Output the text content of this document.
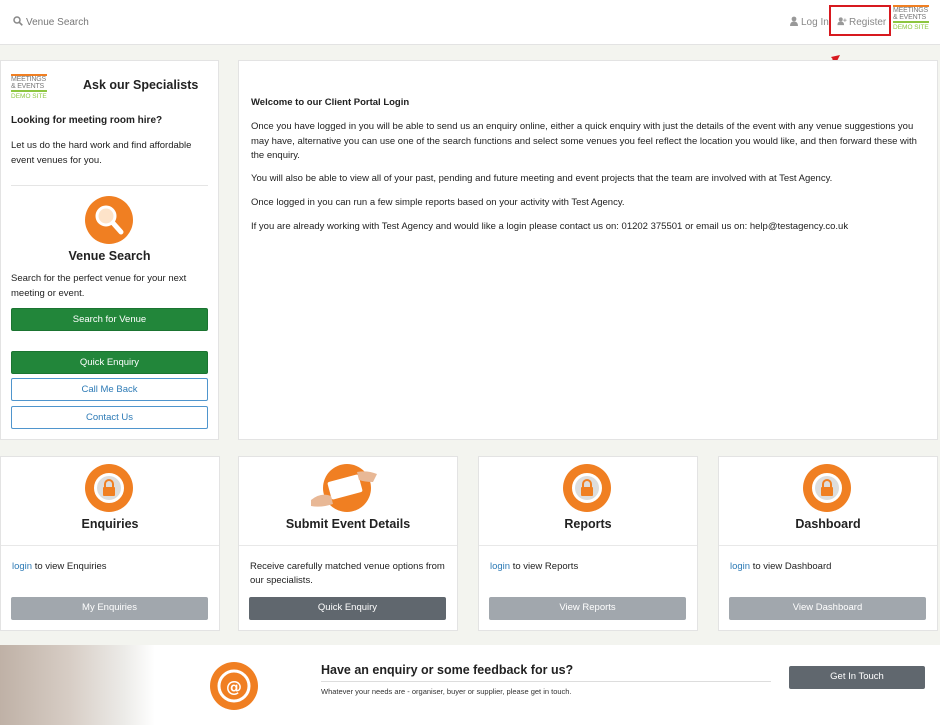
Venue Search	Log In	Register
MEETINGS
& EVENTS
DEMO SITE
MEETINGS
& EVENTS
DEMO SITE
Ask our Specialists
Looking for meeting room hire?
Let us do the hard work and find affordable event venues for you.
Venue Search
Search for the perfect venue for your next meeting or event.
Search for Venue
Quick Enquiry
Call Me Back
Contact Us
Welcome to our Client Portal Login

Once you have logged in you will be able to send us an enquiry online, either a quick enquiry with just the details of the event with any venue suggestions you may have, alternative you can use one of the search functions and select some venues you feel reflect the location you would like, and then forward these with the enquiry.

You will also be able to view all of your past, pending and future meeting and event projects that the team are involved with at Test Agency.

Once logged in you can run a few simple reports based on your activity with Test Agency.

If you are already working with Test Agency and would like a login please contact us on: 01202 375501 or email us on: help@testagency.co.uk

Enquiries
login to view Enquiries
My Enquiries
Submit Event Details
Receive carefully matched venue options from our specialists.
Quick Enquiry
Reports
login to view Reports
View Reports
Dashboard
login to view Dashboard
View Dashboard
@
Have an enquiry or some feedback for us?
Whatever your needs are - organiser, buyer or supplier, please get in touch.
Get In Touch
